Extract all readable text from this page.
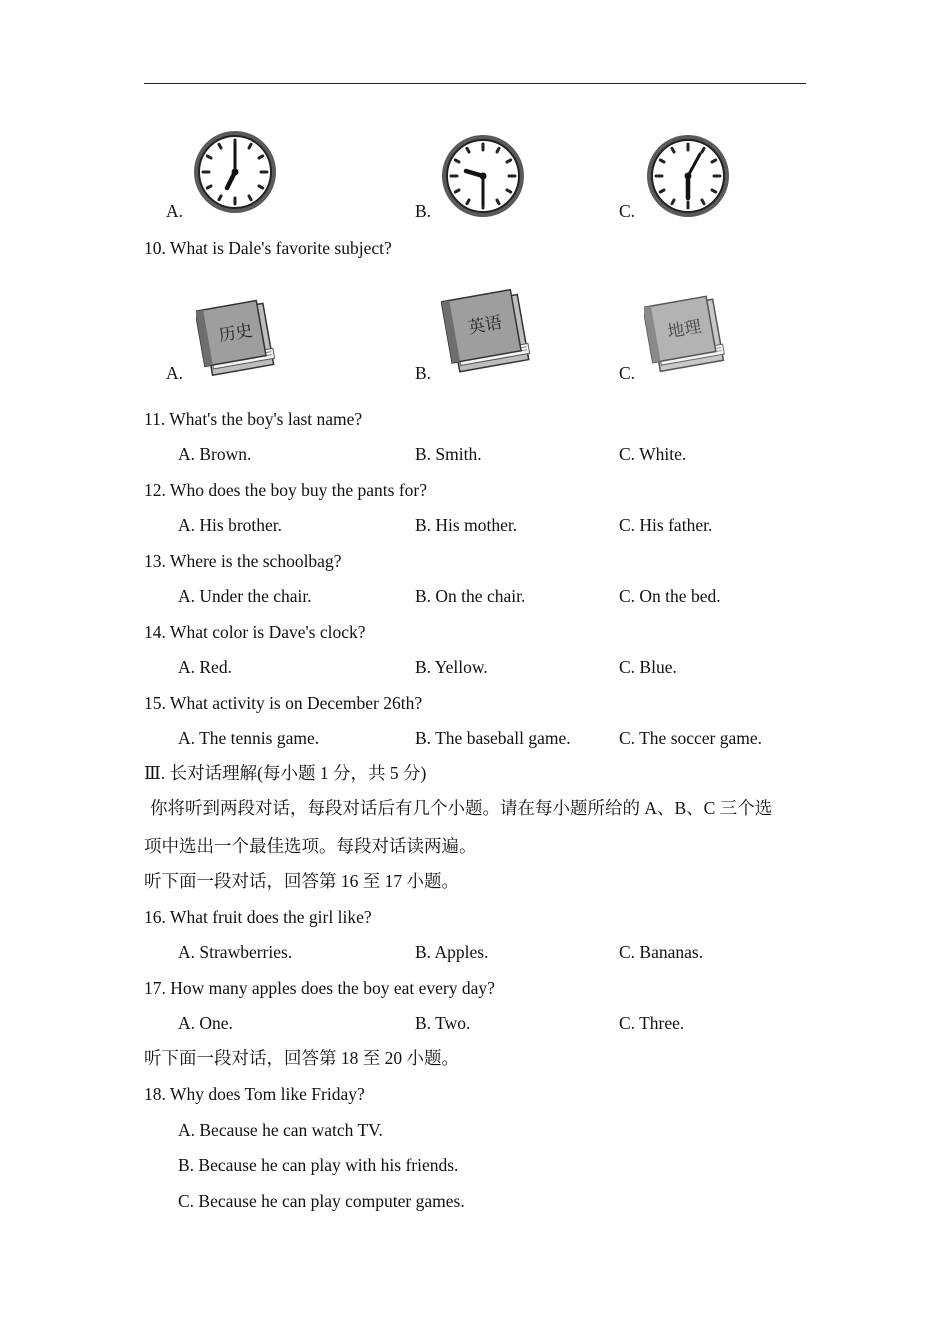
A.	B.	C.
10. What is Dale's favorite subject?
A.
历史
B.
英语
C.
地理
11. What's the boy's last name?
A. Brown.	B. Smith.	C. White.
12. Who does the boy buy the pants for?
A. His brother.	B. His mother.	C. His father.
13. Where is the schoolbag?
A. Under the chair.	B. On the chair.	C. On the bed.
14. What color is Dave's clock?
A. Red.	B. Yellow.	C. Blue.
15. What activity is on December 26th?
A. The tennis game.	B. The baseball game.	C. The soccer game.
Ⅲ. 长对话理解(每小题 1 分，共 5 分)
你将听到两段对话，每段对话后有几个小题。请在每小题所给的 A、B、C 三个选
项中选出一个最佳选项。每段对话读两遍。
听下面一段对话，回答第 16 至 17 小题。
16. What fruit does the girl like?
A. Strawberries.	B. Apples.	C. Bananas.
17. How many apples does the boy eat every day?
A. One.	B. Two.	C. Three.
听下面一段对话，回答第 18 至 20 小题。
18. Why does Tom like Friday?
A. Because he can watch TV.
B. Because he can play with his friends.
C. Because he can play computer games.
